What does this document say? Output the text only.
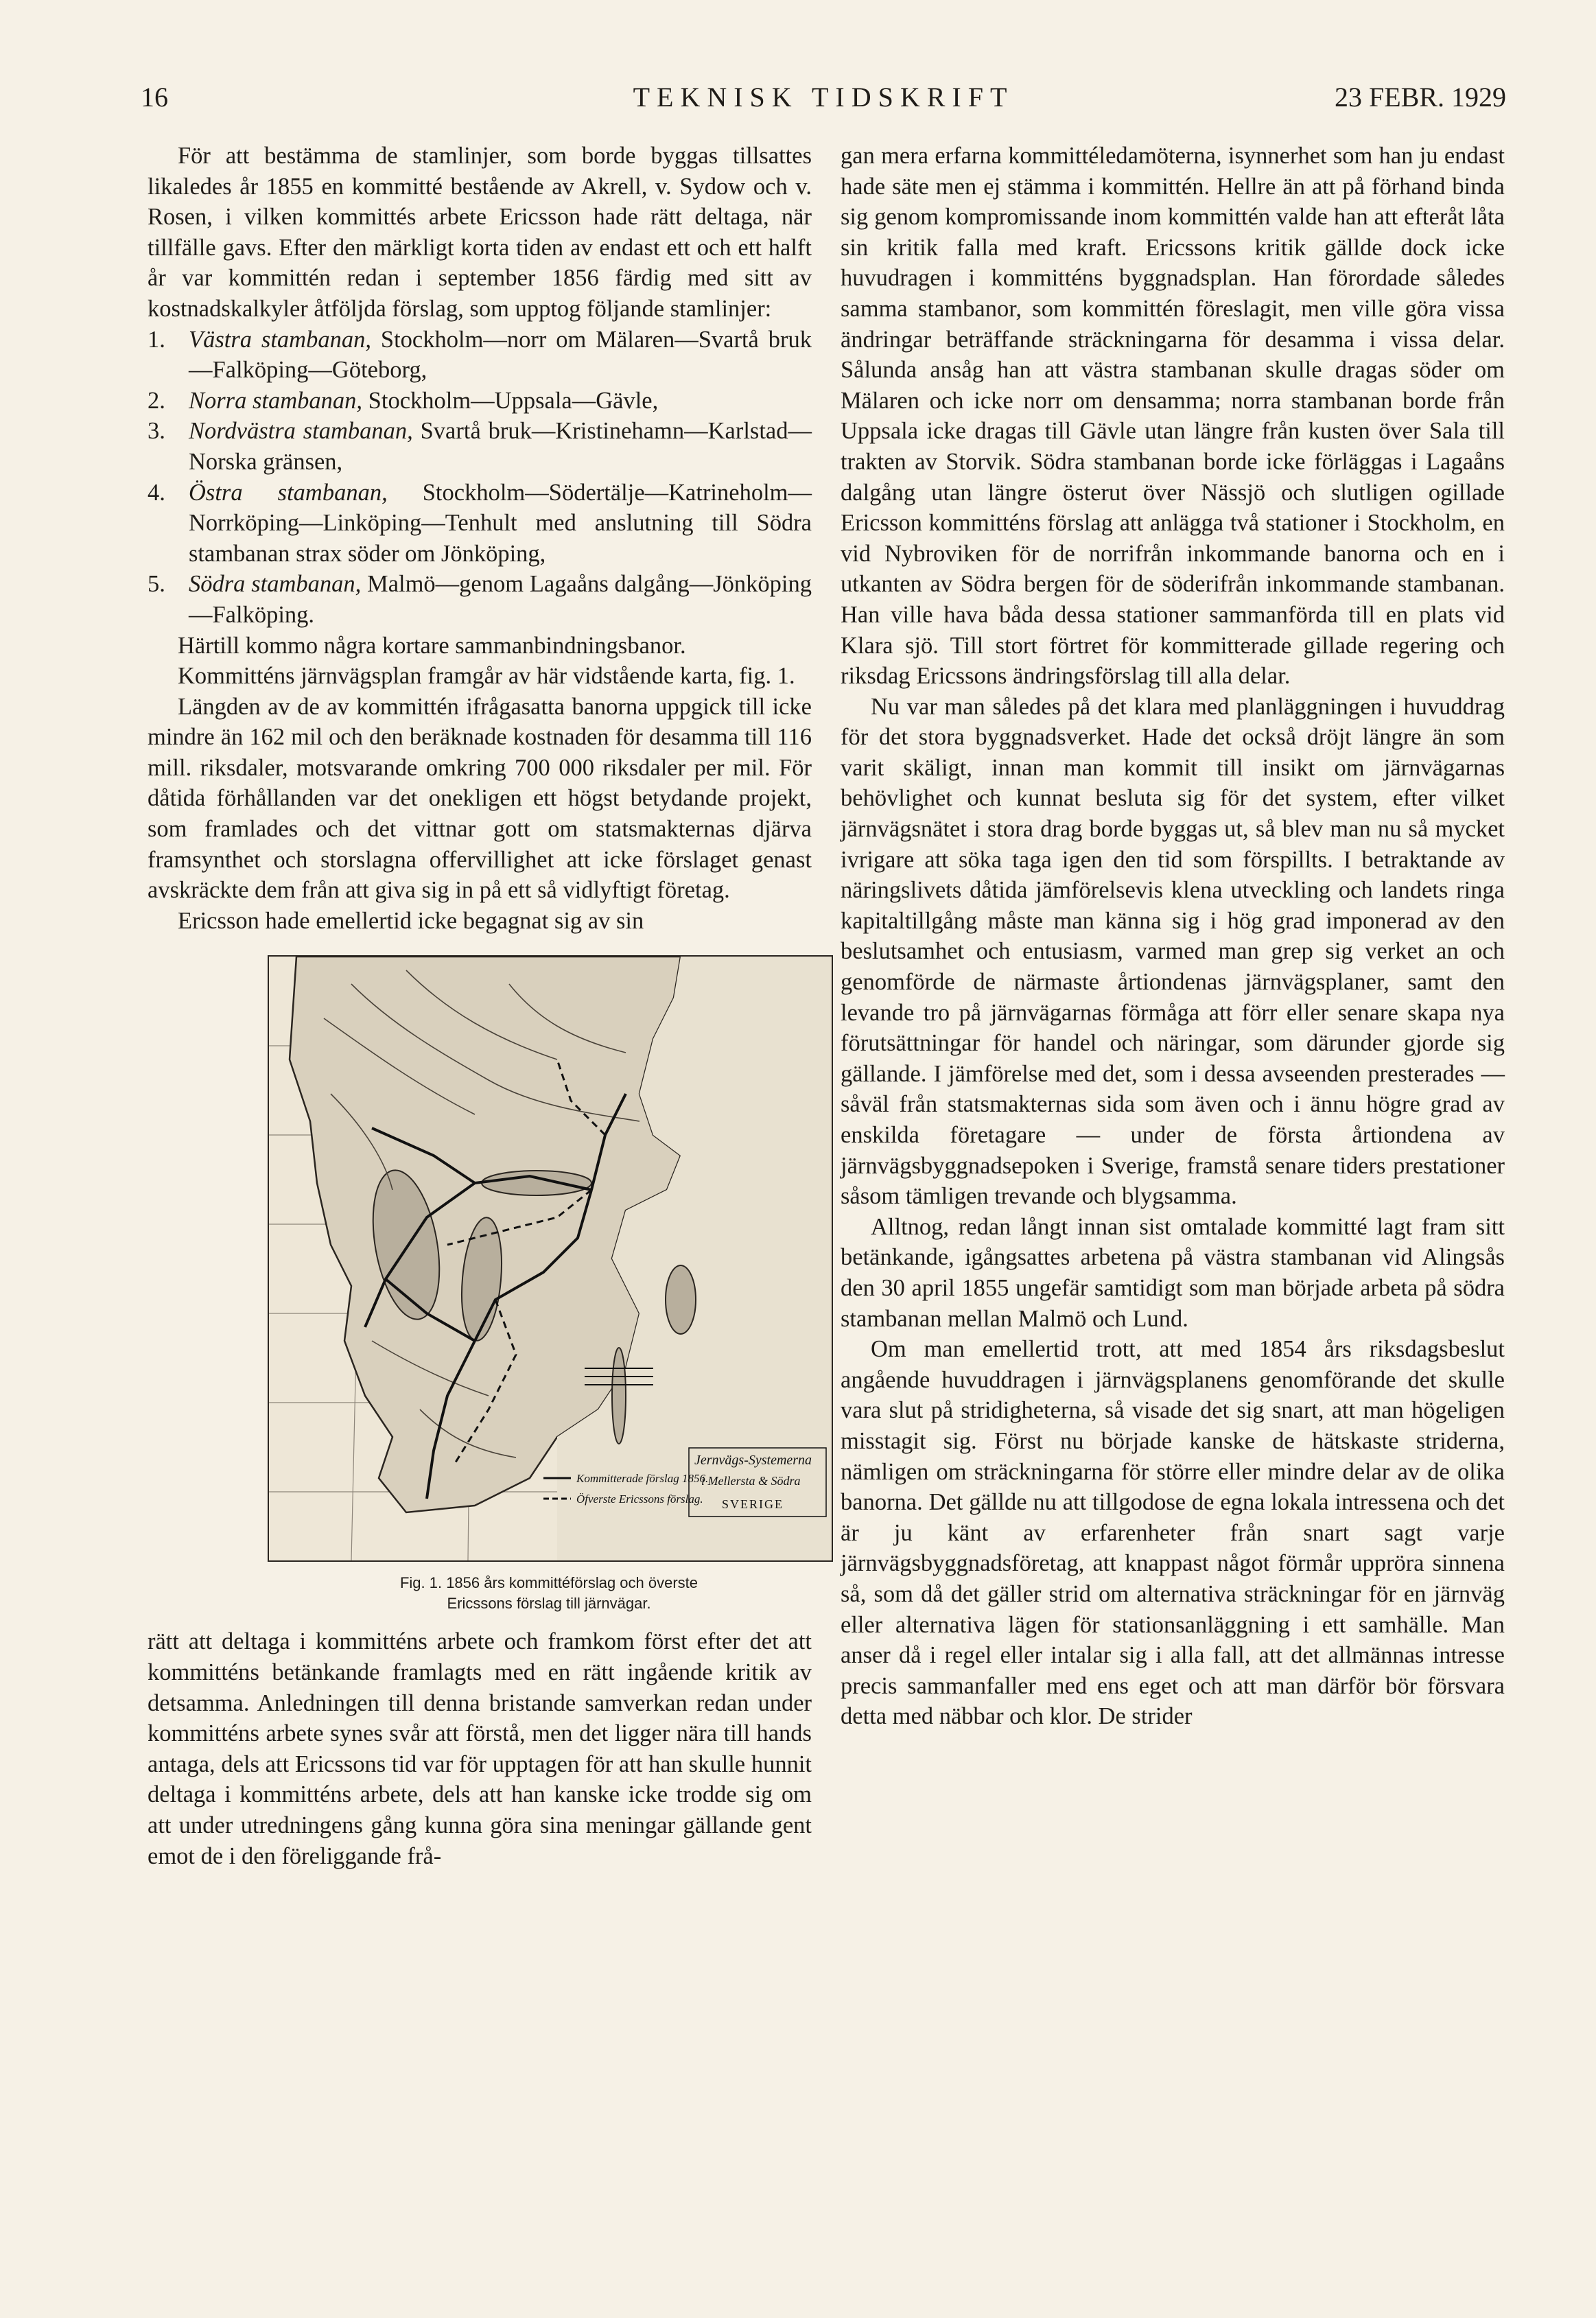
16	TEKNISK TIDSKRIFT	23 FEBR. 1929

För att bestämma de stamlinjer, som borde byggas tillsattes likaledes år 1855 en kommitté bestående av Akrell, v. Sydow och v. Rosen, i vilken kommittés arbete Ericsson hade rätt deltaga, när tillfälle gavs. Efter den märkligt korta tiden av endast ett och ett halft år var kommittén redan i september 1856 färdig med sitt av kostnadskalkyler åtföljda förslag, som upptog följande stamlinjer:

1. Västra stambanan, Stockholm—norr om Mälaren—Svartå bruk—Falköping—Göteborg,
2. Norra stambanan, Stockholm—Uppsala—Gävle,
3. Nordvästra stambanan, Svartå bruk—Kristinehamn—Karlstad—Norska gränsen,
4. Östra stambanan, Stockholm—Södertälje—Katrineholm—Norrköping—Linköping—Tenhult med anslutning till Södra stambanan strax söder om Jönköping,
5. Södra stambanan, Malmö—genom Lagaåns dalgång—Jönköping—Falköping.

Härtill kommo några kortare sammanbindningsbanor.

Kommitténs järnvägsplan framgår av här vidstående karta, fig. 1.

Längden av de av kommittén ifrågasatta banorna uppgick till icke mindre än 162 mil och den beräknade kostnaden för desamma till 116 mill. riksdaler, motsvarande omkring 700 000 riksdaler per mil. För dåtida förhållanden var det onekligen ett högst betydande projekt, som framlades och det vittnar gott om statsmakternas djärva framsynthet och storslagna offervillighet att icke förslaget genast avskräckte dem från att giva sig in på ett så vidlyftigt företag.

Ericsson hade emellertid icke begagnat sig av sin

Kommitterade förslag 1856.
Öfverste Ericssons förslag.
Jernvägs-Systemerna
i Mellersta & Södra
SVERIGE
Fig. 1. 1856 års kommittéförslag och överste
Ericssons förslag till järnvägar.

rätt att deltaga i kommitténs arbete och framkom först efter det att kommitténs betänkande framlagts med en rätt ingående kritik av detsamma. Anledningen till denna bristande samverkan redan under kommitténs arbete synes svår att förstå, men det ligger nära till hands antaga, dels att Ericssons tid var för upptagen för att han skulle hunnit deltaga i kommitténs arbete, dels att han kanske icke trodde sig om att under utredningens gång kunna göra sina meningar gällande gent emot de i den föreliggande frå-

gan mera erfarna kommittéledamöterna, isynnerhet som han ju endast hade säte men ej stämma i kommittén. Hellre än att på förhand binda sig genom kompromissande inom kommittén valde han att efteråt låta sin kritik falla med kraft. Ericssons kritik gällde dock icke huvudragen i kommitténs byggnadsplan. Han förordade således samma stambanor, som kommittén föreslagit, men ville göra vissa ändringar beträffande sträckningarna för desamma i vissa delar. Sålunda ansåg han att västra stambanan skulle dragas söder om Mälaren och icke norr om densamma; norra stambanan borde från Uppsala icke dragas till Gävle utan längre från kusten över Sala till trakten av Storvik. Södra stambanan borde icke förläggas i Lagaåns dalgång utan längre österut över Nässjö och slutligen ogillade Ericsson kommitténs förslag att anlägga två stationer i Stockholm, en vid Nybroviken för de norrifrån inkommande banorna och en i utkanten av Södra bergen för de söderifrån inkommande stambanan. Han ville hava båda dessa stationer sammanförda till en plats vid Klara sjö. Till stort förtret för kommitterade gillade regering och riksdag Ericssons ändringsförslag till alla delar.

Nu var man således på det klara med planläggningen i huvuddrag för det stora byggnadsverket. Hade det också dröjt längre än som varit skäligt, innan man kommit till insikt om järnvägarnas behövlighet och kunnat besluta sig för det system, efter vilket järnvägsnätet i stora drag borde byggas ut, så blev man nu så mycket ivrigare att söka taga igen den tid som förspillts. I betraktande av näringslivets dåtida jämförelsevis klena utveckling och landets ringa kapitaltillgång måste man känna sig i hög grad imponerad av den beslutsamhet och entusiasm, varmed man grep sig verket an och genomförde de närmaste årtiondenas järnvägsplaner, samt den levande tro på järnvägarnas förmåga att förr eller senare skapa nya förutsättningar för handel och näringar, som därunder gjorde sig gällande. I jämförelse med det, som i dessa avseenden presterades — såväl från statsmakternas sida som även och i ännu högre grad av enskilda företagare — under de första årtiondena av järnvägsbyggnadsepoken i Sverige, framstå senare tiders prestationer såsom tämligen trevande och blygsamma.

Alltnog, redan långt innan sist omtalade kommitté lagt fram sitt betänkande, igångsattes arbetena på västra stambanan vid Alingsås den 30 april 1855 ungefär samtidigt som man började arbeta på södra stambanan mellan Malmö och Lund.

Om man emellertid trott, att med 1854 års riksdagsbeslut angående huvuddragen i järnvägsplanens genomförande det skulle vara slut på stridigheterna, så visade det sig snart, att man högeligen misstagit sig. Först nu började kanske de hätskaste striderna, nämligen om sträckningarna för större eller mindre delar av de olika banorna. Det gällde nu att tillgodose de egna lokala intressena och det är ju känt av erfarenheter från snart sagt varje järnvägsbyggnadsföretag, att knappast något förmår uppröra sinnena så, som då det gäller strid om alternativa sträckningar för en järnväg eller alternativa lägen för stationsanläggning i ett samhälle. Man anser då i regel eller intalar sig i alla fall, att det allmännas intresse precis sammanfaller med ens eget och att man därför bör försvara detta med näbbar och klor. De strider
